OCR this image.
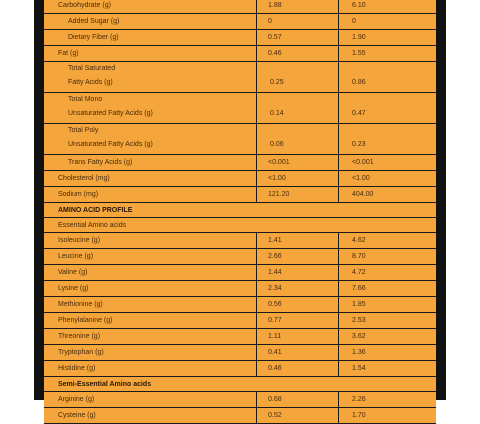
Carbohydrate (g)	1.88	6.10
Added Sugar (g)	0	0
Dietary Fiber (g)	0.57	1.90
Fat (g)	0.46	1.55
Total Saturated
Fatty Acids (g)	0.25	0.86
Total Mono
Unsaturated Fatty Acids (g)	0.14	0.47
Total Poly
Unsaturated Fatty Acids (g)	0.06	0.23
Trans Fatty Acids (g)	<0.001	<0.001
Cholesterol (mg)	<1.00	<1.00
Sodium (mg)	121.20	404.00
AMINO ACID PROFILE
Essential Amino acids
Isoleucine (g)	1.41	4.62
Leucine (g)	2.66	8.70
Valine (g)	1.44	4.72
Lysine (g)	2.34	7.66
Methionine (g)	0.56	1.85
Phenylalanine (g)	0.77	2.53
Threonine (g)	1.11	3.62
Tryptophan (g)	0.41	1.36
Histidine (g)	0.46	1.54
Semi-Essential Amino acids
Arginine (g)	0.68	2.26
Cysteine (g)	0.52	1.70
